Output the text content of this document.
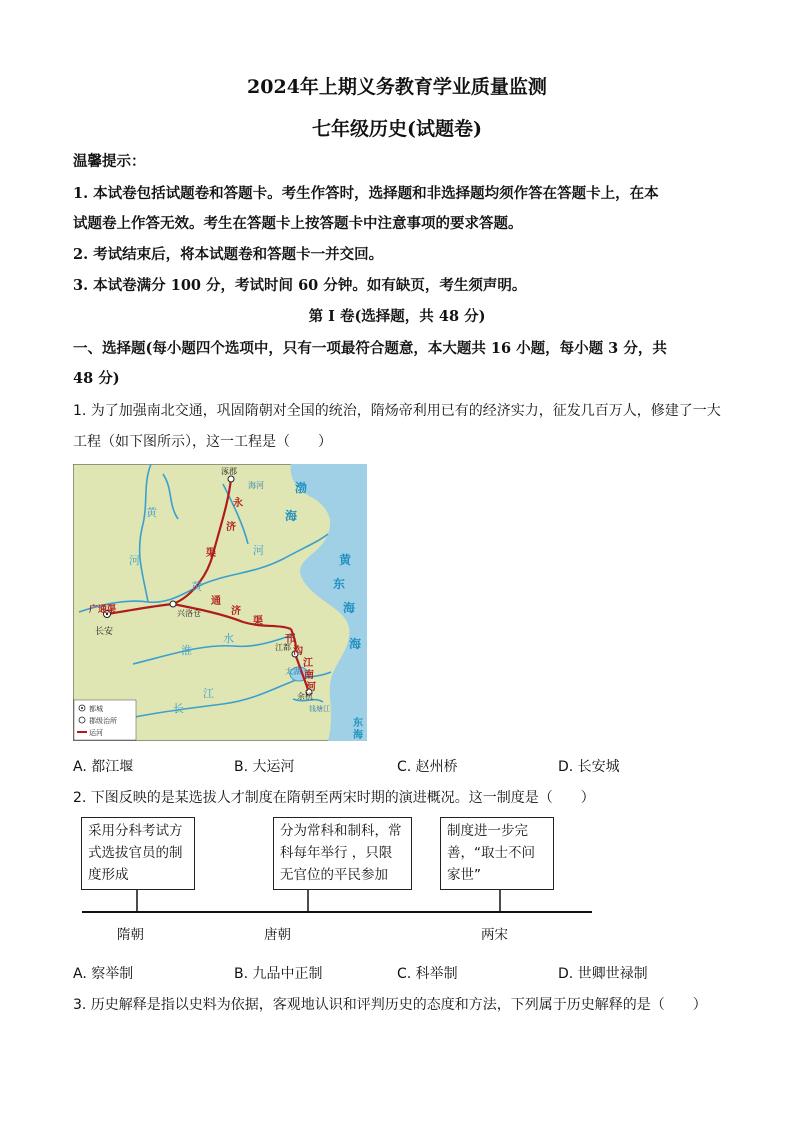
2024年上期义务教育学业质量监测
七年级历史(试题卷)
温馨提示：
1. 本试卷包括试题卷和答题卡。考生作答时，选择题和非选择题均须作答在答题卡上，在本
试题卷上作答无效。考生在答题卡上按答题卡中注意事项的要求答题。
2. 考试结束后，将本试题卷和答题卡一并交回。
3. 本试卷满分 100 分，考试时间 60 分钟。如有缺页，考生须声明。
第 I 卷(选择题，共 48 分)
一、选择题(每小题四个选项中，只有一项最符合题意，本大题共 16 小题，每小题 3 分，共
48 分)
1. 为了加强南北交通，巩固隋朝对全国的统治，隋炀帝利用已有的经济实力，征发几百万人，修建了一大
工程（如下图所示），这一工程是（　　）
涿郡
海河
长安
兴洛仓
江都
太湖
余杭
钱塘江
广通渠
永
济
渠
通
济
渠
邗
沟
江
南
河
黄
河
河
黄
淮
水
长
江
渤
海
黄
东
海
海
东
海
都城
郡级治所
运河
A. 都江堰	B. 大运河	C. 赵州桥	D. 长安城
2. 下图反映的是某选拔人才制度在隋朝至两宋时期的演进概况。这一制度是（　　）
采用分科考试方式选拔官员的制度形成
分为常科和制科，常科每年举行 ，只限无官位的平民参加
制度进一步完善，“取士不问家世”
隋朝	唐朝	两宋
A. 察举制	B. 九品中正制	C. 科举制	D. 世卿世禄制
3. 历史解释是指以史料为依据，客观地认识和评判历史的态度和方法，下列属于历史解释的是（　　）
